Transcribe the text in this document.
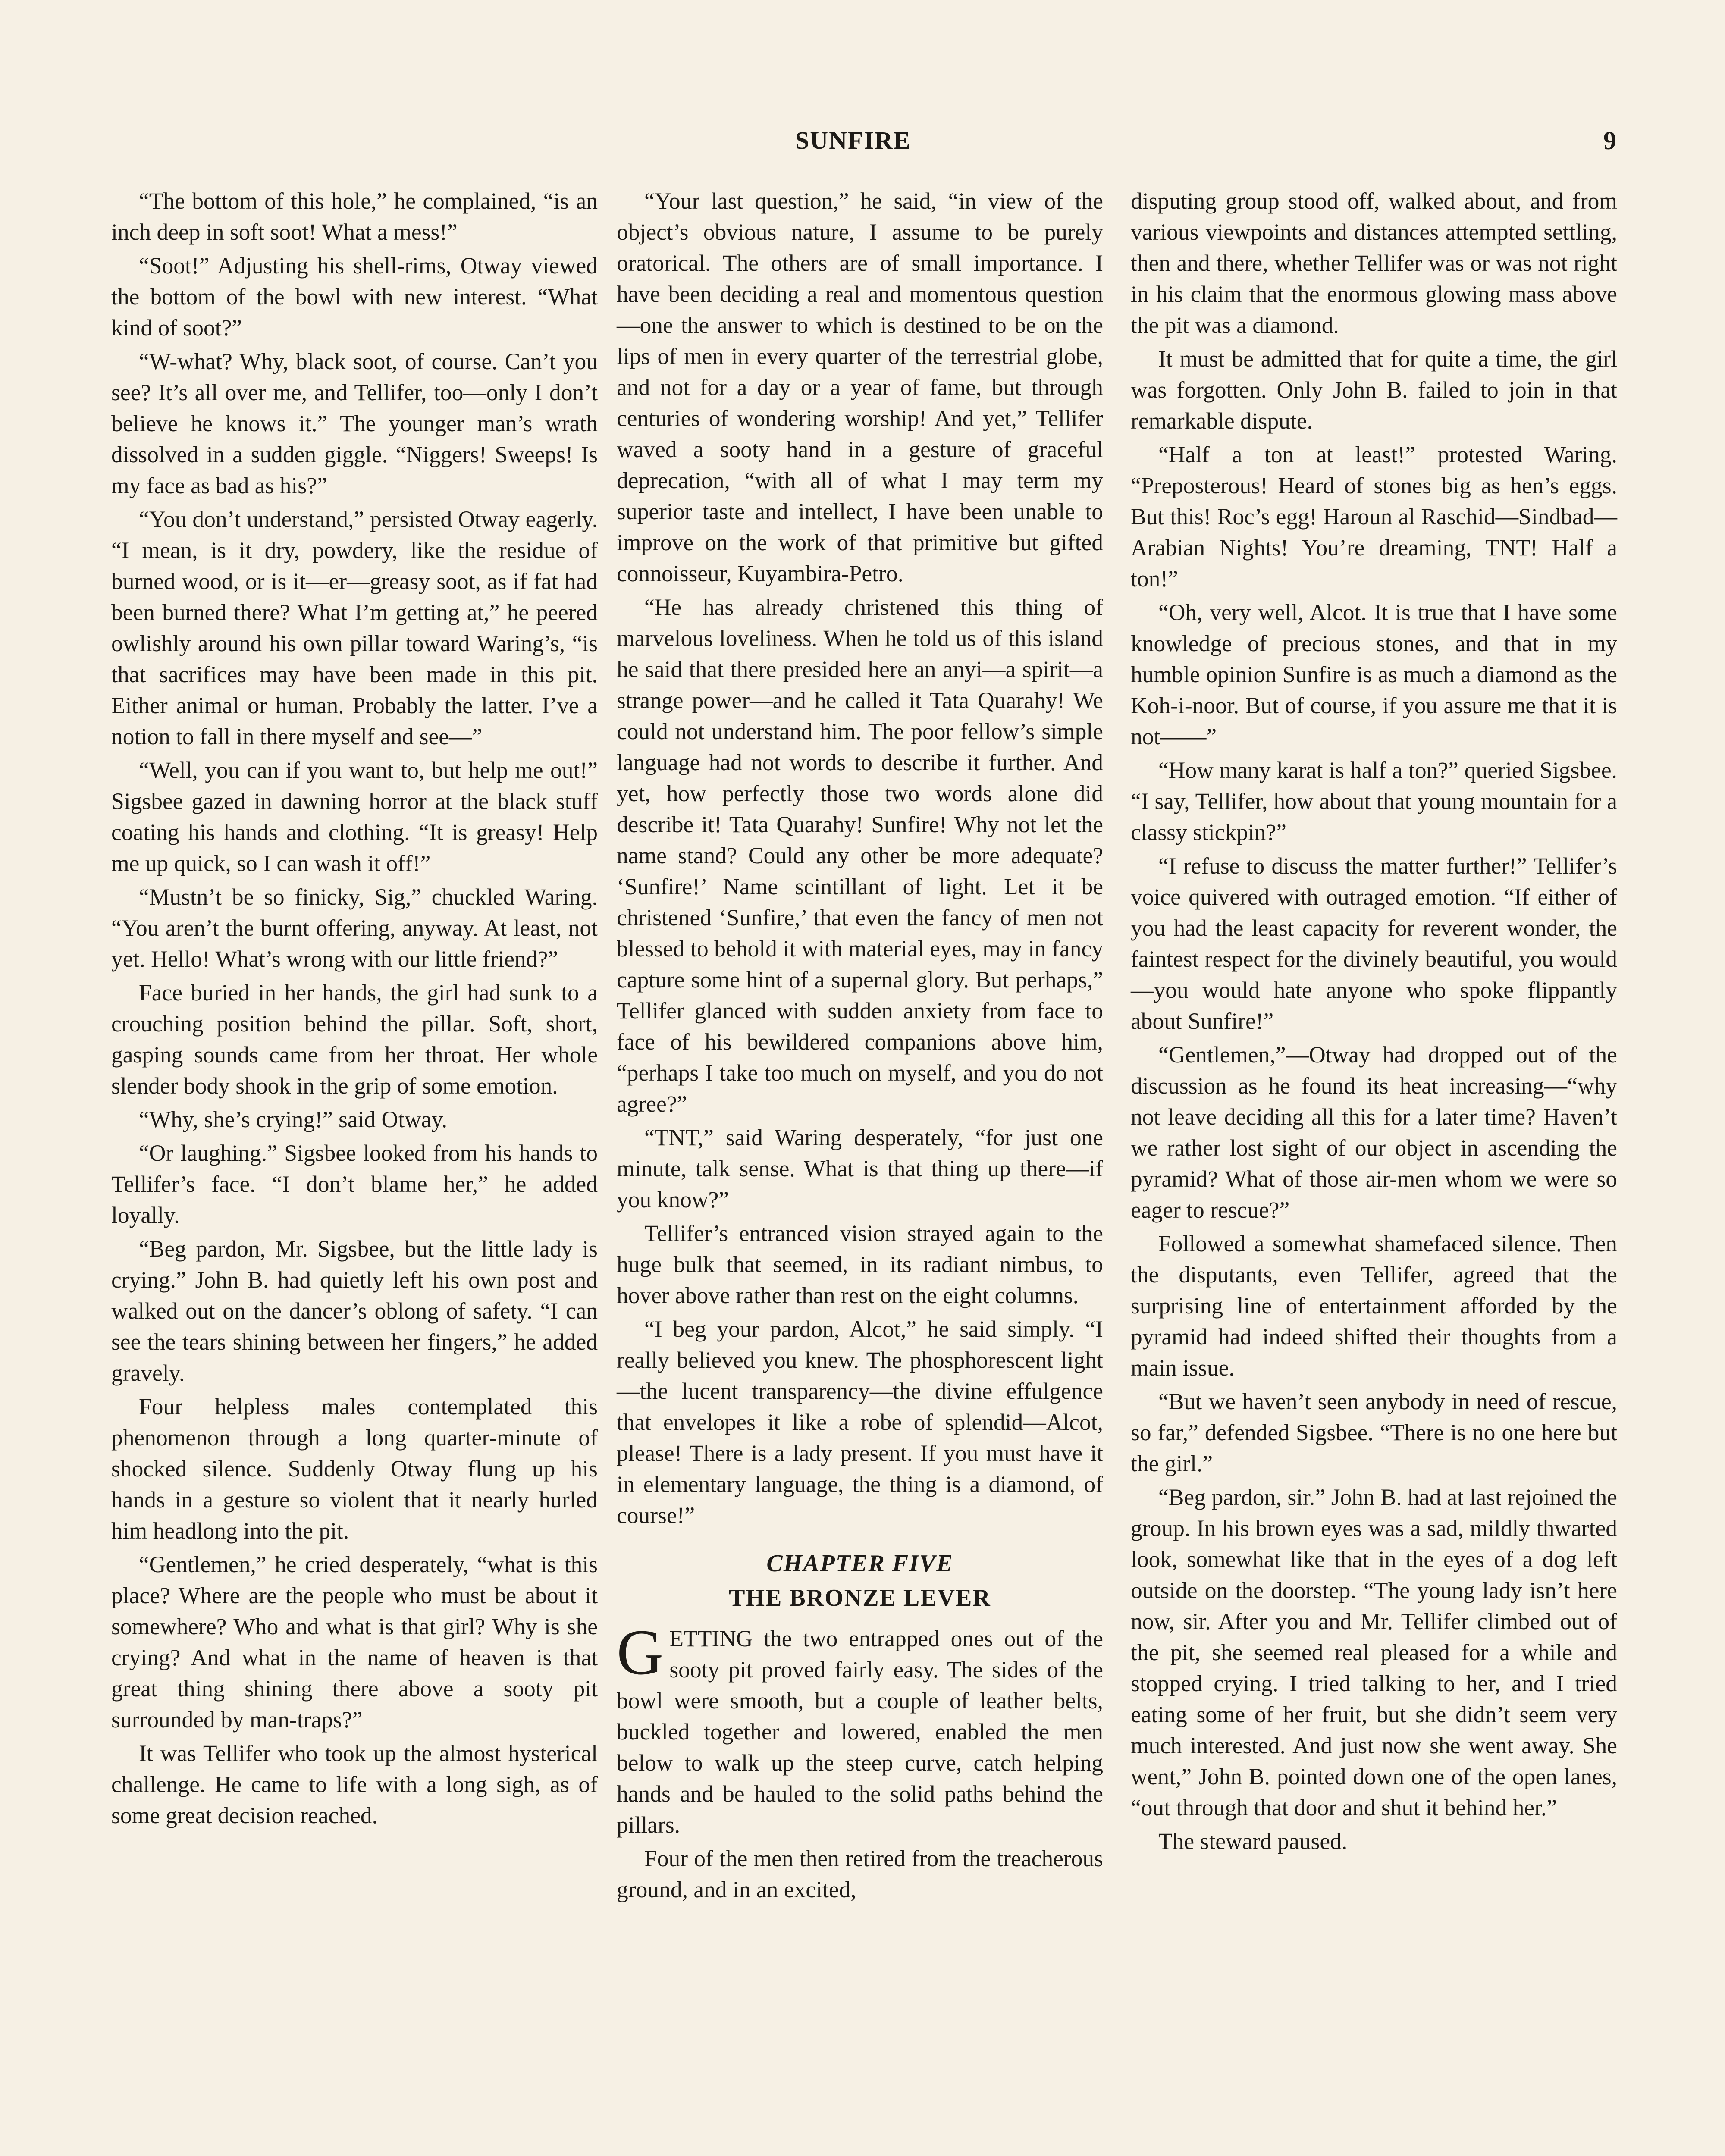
SUNFIRE	9

“The bottom of this hole,” he complained, “is an inch deep in soft soot! What a mess!”

“Soot!” Adjusting his shell-rims, Otway viewed the bottom of the bowl with new interest. “What kind of soot?”

“W-what? Why, black soot, of course. Can’t you see? It’s all over me, and Tellifer, too—only I don’t believe he knows it.” The younger man’s wrath dissolved in a sudden giggle. “Niggers! Sweeps! Is my face as bad as his?”

“You don’t understand,” persisted Otway eagerly. “I mean, is it dry, powdery, like the residue of burned wood, or is it—er—greasy soot, as if fat had been burned there? What I’m getting at,” he peered owlishly around his own pillar toward Waring’s, “is that sacrifices may have been made in this pit. Either animal or human. Probably the latter. I’ve a notion to fall in there myself and see—”

“Well, you can if you want to, but help me out!” Sigsbee gazed in dawning horror at the black stuff coating his hands and clothing. “It is greasy! Help me up quick, so I can wash it off!”

“Mustn’t be so finicky, Sig,” chuckled Waring. “You aren’t the burnt offering, anyway. At least, not yet. Hello! What’s wrong with our little friend?”

Face buried in her hands, the girl had sunk to a crouching position behind the pillar. Soft, short, gasping sounds came from her throat. Her whole slender body shook in the grip of some emotion.

“Why, she’s crying!” said Otway.

“Or laughing.” Sigsbee looked from his hands to Tellifer’s face. “I don’t blame her,” he added loyally.

“Beg pardon, Mr. Sigsbee, but the little lady is crying.” John B. had quietly left his own post and walked out on the dancer’s oblong of safety. “I can see the tears shining between her fingers,” he added gravely.

Four helpless males contemplated this phenomenon through a long quarter-minute of shocked silence. Suddenly Otway flung up his hands in a gesture so violent that it nearly hurled him headlong into the pit.

“Gentlemen,” he cried desperately, “what is this place? Where are the people who must be about it somewhere? Who and what is that girl? Why is she crying? And what in the name of heaven is that great thing shining there above a sooty pit surrounded by man-traps?”

It was Tellifer who took up the almost hysterical challenge. He came to life with a long sigh, as of some great decision reached.

“Your last question,” he said, “in view of the object’s obvious nature, I assume to be purely oratorical. The others are of small importance. I have been deciding a real and momentous question—one the answer to which is destined to be on the lips of men in every quarter of the terrestrial globe, and not for a day or a year of fame, but through centuries of wondering worship! And yet,” Tellifer waved a sooty hand in a gesture of graceful deprecation, “with all of what I may term my superior taste and intellect, I have been unable to improve on the work of that primitive but gifted connoisseur, Kuyambira-Petro.

“He has already christened this thing of marvelous loveliness. When he told us of this island he said that there presided here an anyi—a spirit—a strange power—and he called it Tata Quarahy! We could not understand him. The poor fellow’s simple language had not words to describe it further. And yet, how perfectly those two words alone did describe it! Tata Quarahy! Sunfire! Why not let the name stand? Could any other be more adequate? ‘Sunfire!’ Name scintillant of light. Let it be christened ‘Sunfire,’ that even the fancy of men not blessed to behold it with material eyes, may in fancy capture some hint of a supernal glory. But perhaps,” Tellifer glanced with sudden anxiety from face to face of his bewildered companions above him, “perhaps I take too much on myself, and you do not agree?”

“TNT,” said Waring desperately, “for just one minute, talk sense. What is that thing up there—if you know?”

Tellifer’s entranced vision strayed again to the huge bulk that seemed, in its radiant nimbus, to hover above rather than rest on the eight columns.

“I beg your pardon, Alcot,” he said simply. “I really believed you knew. The phosphorescent light—the lucent transparency—the divine effulgence that envelopes it like a robe of splendid—Alcot, please! There is a lady present. If you must have it in elementary language, the thing is a diamond, of course!”

CHAPTER FIVE
THE BRONZE LEVER

GETTING the two entrapped ones out of the sooty pit proved fairly easy. The sides of the bowl were smooth, but a couple of leather belts, buckled together and lowered, enabled the men below to walk up the steep curve, catch helping hands and be hauled to the solid paths behind the pillars.

Four of the men then retired from the treacherous ground, and in an excited,

disputing group stood off, walked about, and from various viewpoints and distances attempted settling, then and there, whether Tellifer was or was not right in his claim that the enormous glowing mass above the pit was a diamond.

It must be admitted that for quite a time, the girl was forgotten. Only John B. failed to join in that remarkable dispute.

“Half a ton at least!” protested Waring. “Preposterous! Heard of stones big as hen’s eggs. But this! Roc’s egg! Haroun al Raschid—Sindbad—Arabian Nights! You’re dreaming, TNT! Half a ton!”

“Oh, very well, Alcot. It is true that I have some knowledge of precious stones, and that in my humble opinion Sunfire is as much a diamond as the Koh-i-noor. But of course, if you assure me that it is not——”

“How many karat is half a ton?” queried Sigsbee. “I say, Tellifer, how about that young mountain for a classy stickpin?”

“I refuse to discuss the matter further!” Tellifer’s voice quivered with outraged emotion. “If either of you had the least capacity for reverent wonder, the faintest respect for the divinely beautiful, you would—you would hate anyone who spoke flippantly about Sunfire!”

“Gentlemen,”—Otway had dropped out of the discussion as he found its heat increasing—“why not leave deciding all this for a later time? Haven’t we rather lost sight of our object in ascending the pyramid? What of those air-men whom we were so eager to rescue?”

Followed a somewhat shamefaced silence. Then the disputants, even Tellifer, agreed that the surprising line of entertainment afforded by the pyramid had indeed shifted their thoughts from a main issue.

“But we haven’t seen anybody in need of rescue, so far,” defended Sigsbee. “There is no one here but the girl.”

“Beg pardon, sir.” John B. had at last rejoined the group. In his brown eyes was a sad, mildly thwarted look, somewhat like that in the eyes of a dog left outside on the doorstep. “The young lady isn’t here now, sir. After you and Mr. Tellifer climbed out of the pit, she seemed real pleased for a while and stopped crying. I tried talking to her, and I tried eating some of her fruit, but she didn’t seem very much interested. And just now she went away. She went,” John B. pointed down one of the open lanes, “out through that door and shut it behind her.”

The steward paused.
